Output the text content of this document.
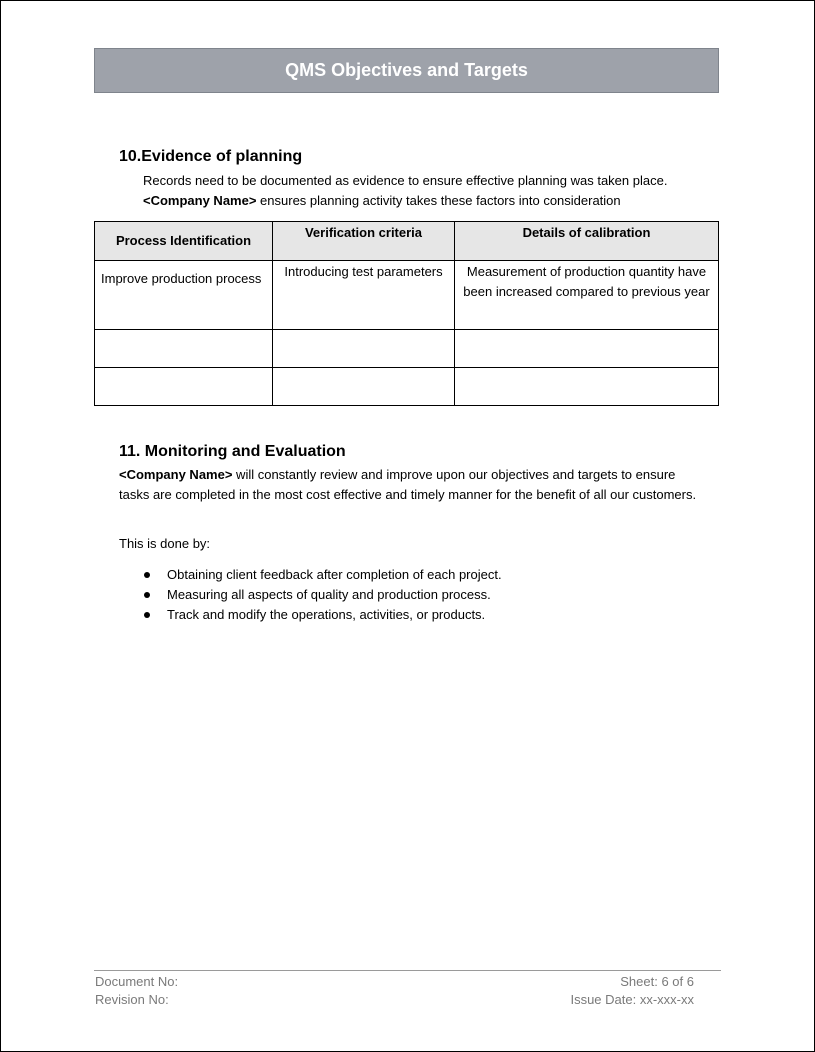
QMS Objectives and Targets
10.Evidence of planning
Records need to be documented as evidence to ensure effective planning was taken place.
<Company Name> ensures planning activity takes these factors into consideration
Process Identification	Verification criteria	Details of calibration
Improve production process	Introducing test parameters	Measurement of production quantity have been increased compared to previous year

11. Monitoring and Evaluation
<Company Name> will constantly review and improve upon our objectives and targets to ensure tasks are completed in the most cost effective and timely manner for the benefit of all our customers.
This is done by:
Obtaining client feedback after completion of each project.
Measuring all aspects of quality and production process.
Track and modify the operations, activities, or products.
Document No:
Revision No:
Sheet: 6 of 6
Issue Date: xx-xxx-xx
